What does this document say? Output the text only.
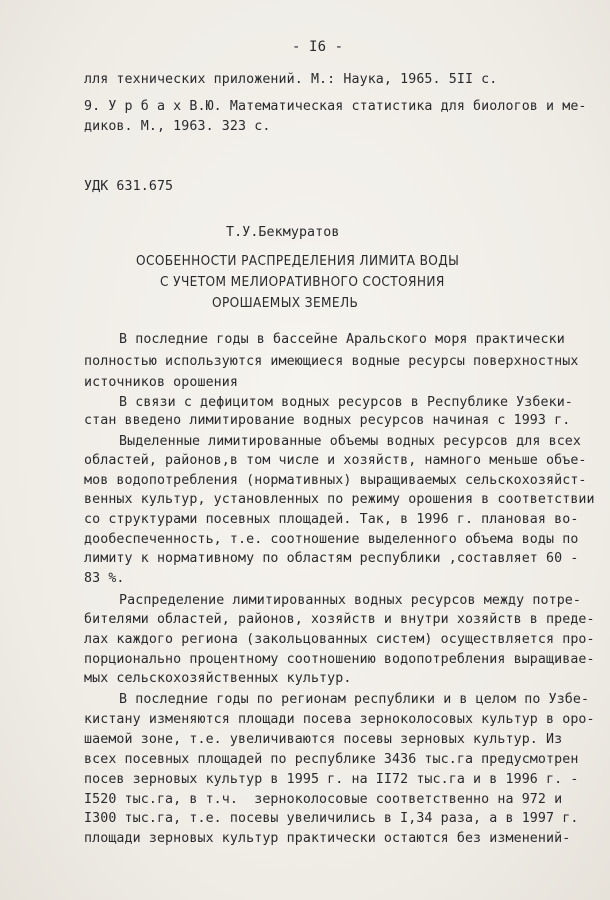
- I6 -
лля технических приложений. М.: Наука, 1965. 5II с.
9. У р б а х В.Ю. Математическая статистика для биологов и ме-
диков. М., 1963. 323 с.
УДК 631.675
Т.У.Бекмуратов
ОСОБЕННОСТИ РАСПРЕДЕЛЕНИЯ ЛИМИТА ВОДЫ
С УЧЕТОМ МЕЛИОРАТИВНОГО СОСТОЯНИЯ
ОРОШАЕМЫХ ЗЕМЕЛЬ
В последние годы в бассейне Аральского моря практически
полностью используются имеющиеся водные ресурсы поверхностных
источников орошения
В связи с дефицитом водных ресурсов в Республике Узбеки-
стан введено лимитирование водных ресурсов начиная с 1993 г.
Выделенные лимитированные объемы водных ресурсов для всех
областей, районов,в том числе и хозяйств, намного меньше объе-
мов водопотребления (нормативных) выращиваемых сельскохозяйст-
венных культур, установленных по режиму орошения в соответствии
со структурами посевных площадей. Так, в 1996 г. плановая во-
дообеспеченность, т.е. соотношение выделенного объема воды по
лимиту к нормативному по областям республики ,составляет 60 -
83 %.
Распределение лимитированных водных ресурсов между потре-
бителями областей, районов, хозяйств и внутри хозяйств в преде-
лах каждого региона (закольцованных систем) осуществляется про-
порционально процентному соотношению водопотребления выращивае-
мых сельскохозяйственных культур.
В последние годы по регионам республики и в целом по Узбе-
кистану изменяются площади посева зерноколосовых культур в оро-
шаемой зоне, т.е. увеличиваются посевы зерновых культур. Из
всех посевных площадей по республике 3436 тыс.га предусмотрен
посев зерновых культур в 1995 г. на II72 тыс.га и в 1996 г. -
I520 тыс.га, в т.ч.  зерноколосовые соответственно на 972 и
I300 тыс.га, т.е. посевы увеличились в I,34 раза, а в 1997 г.
площади зерновых культур практически остаются без изменений-
